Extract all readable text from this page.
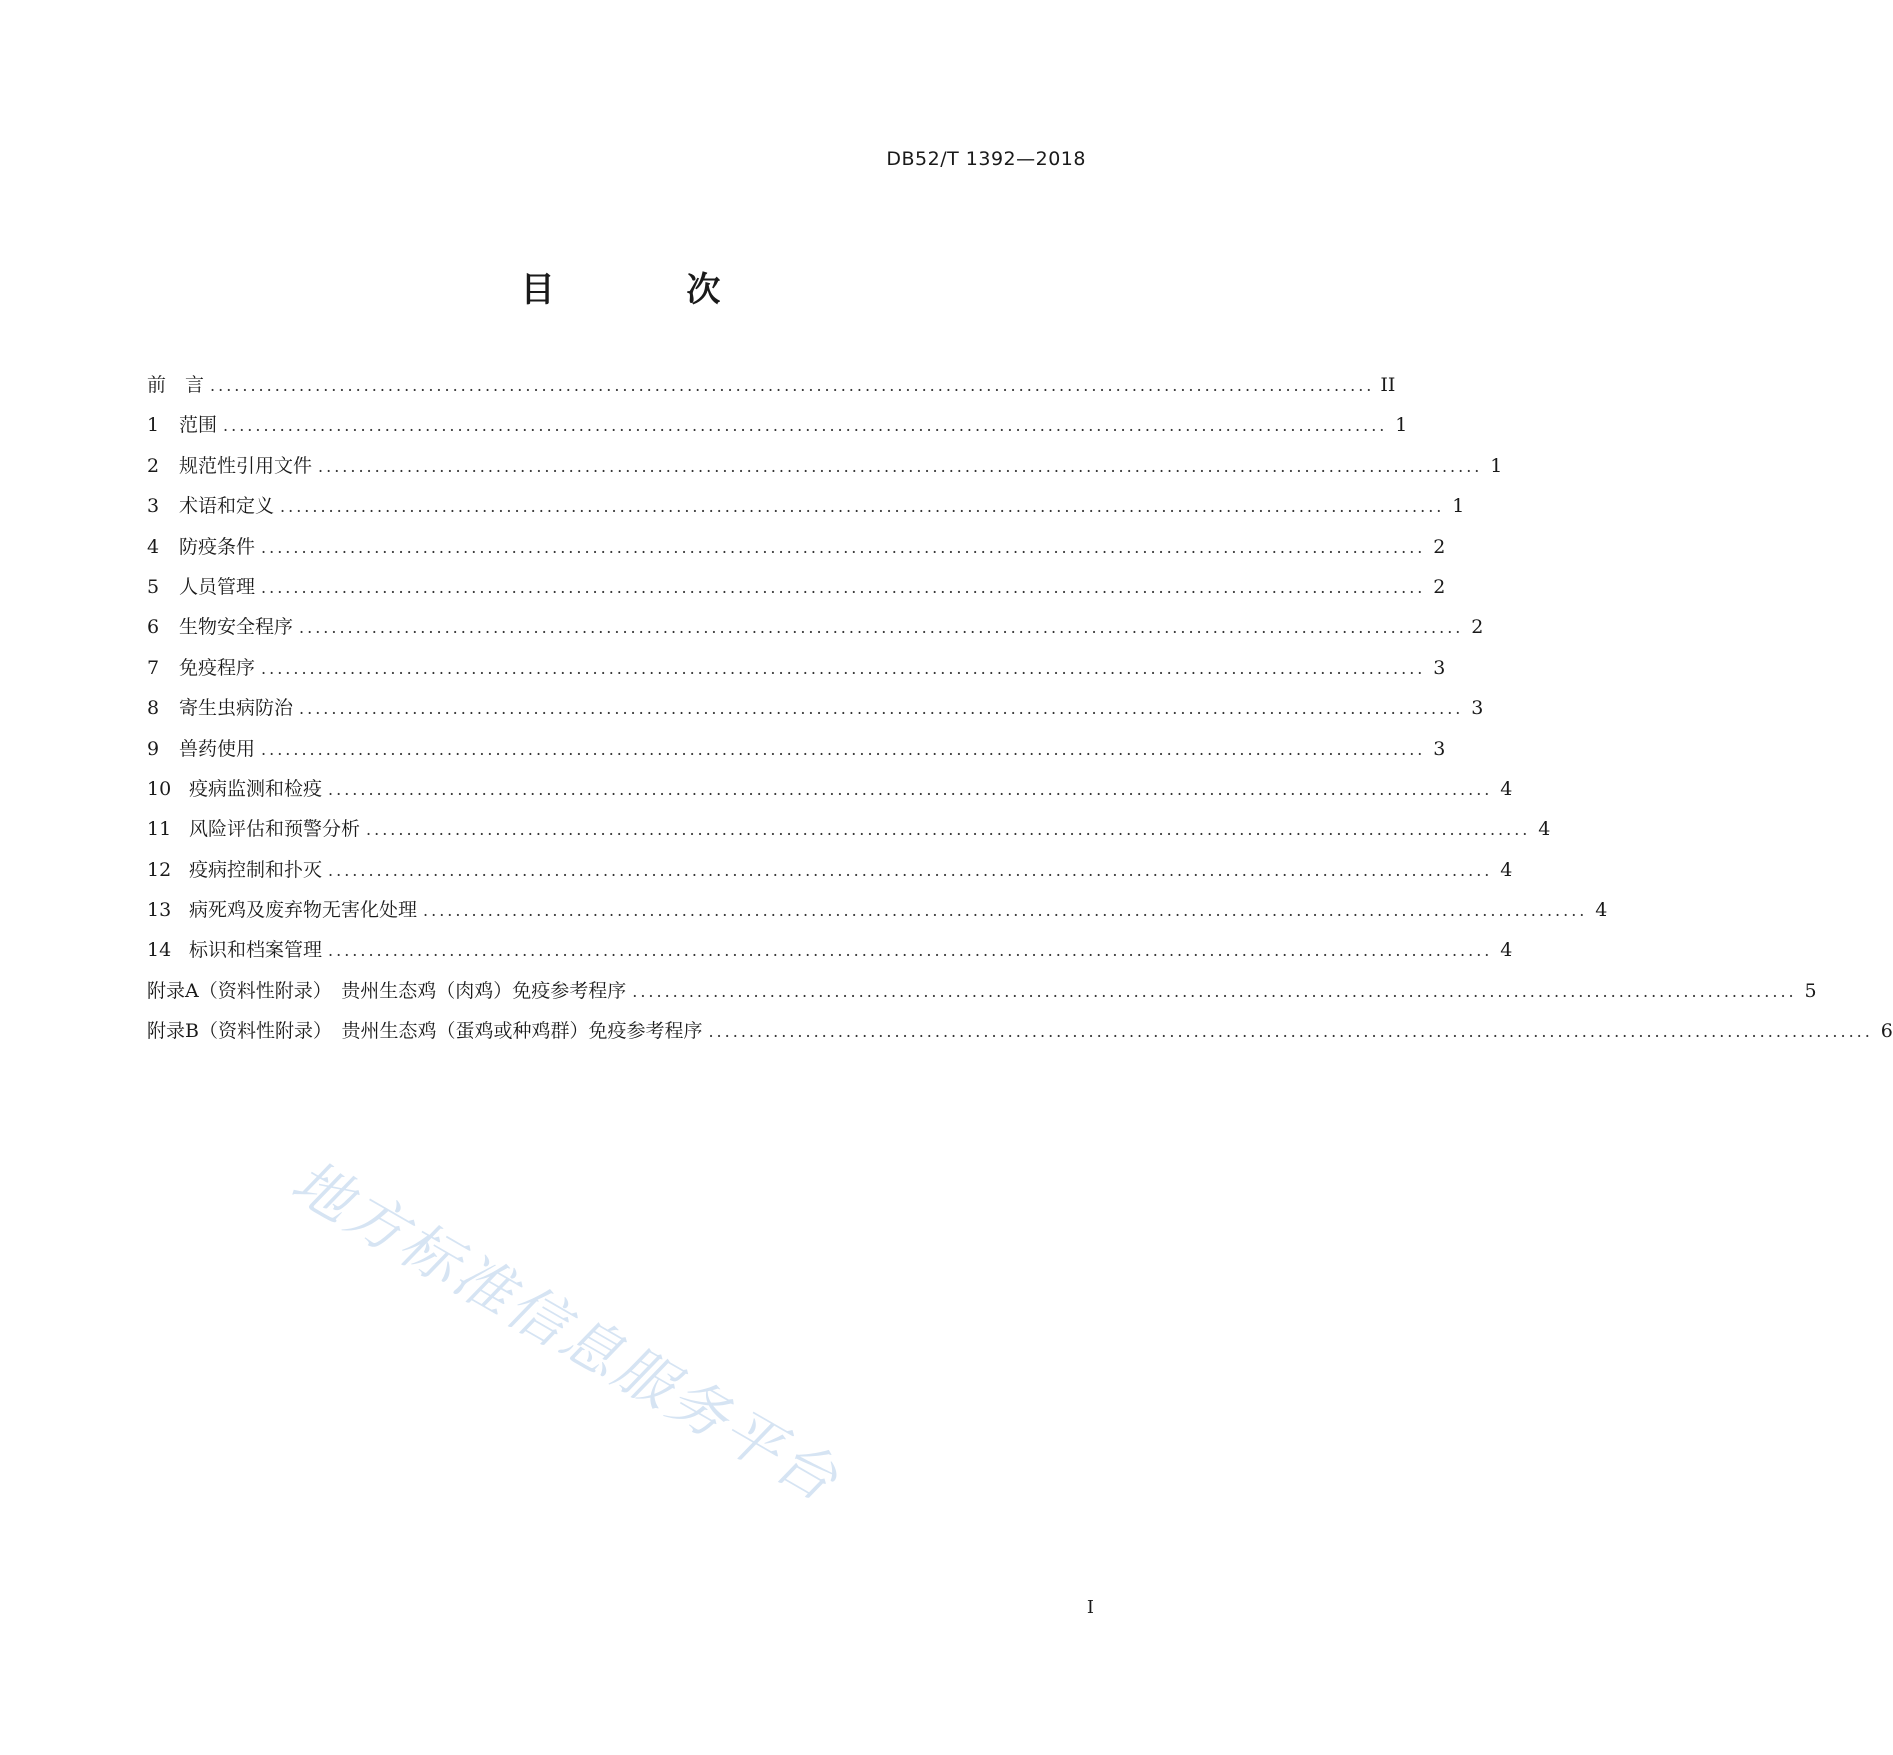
DB52/T 1392—2018
目 次
前　言 ................................................................................................................................................ II
1	范围 ................................................................................................................................................ 1
2	规范性引用文件 ................................................................................................................................................ 1
3	术语和定义 ................................................................................................................................................ 1
4	防疫条件 ................................................................................................................................................ 2
5	人员管理 ................................................................................................................................................ 2
6	生物安全程序 ................................................................................................................................................ 2
7	免疫程序 ................................................................................................................................................ 3
8	寄生虫病防治 ................................................................................................................................................ 3
9	兽药使用 ................................................................................................................................................ 3
10 疫病监测和检疫 ................................................................................................................................................ 4
11 风险评估和预警分析 ................................................................................................................................................ 4
12 疫病控制和扑灭 ................................................................................................................................................ 4
13 病死鸡及废弃物无害化处理 ................................................................................................................................................ 4
14 标识和档案管理 ................................................................................................................................................ 4
附录A（资料性附录）　贵州生态鸡（肉鸡）免疫参考程序 ................................................................................................................................................ 5
附录B（资料性附录）　贵州生态鸡（蛋鸡或种鸡群）免疫参考程序 ................................................................................................................................................ 6
地方标准信息服务平台
I
